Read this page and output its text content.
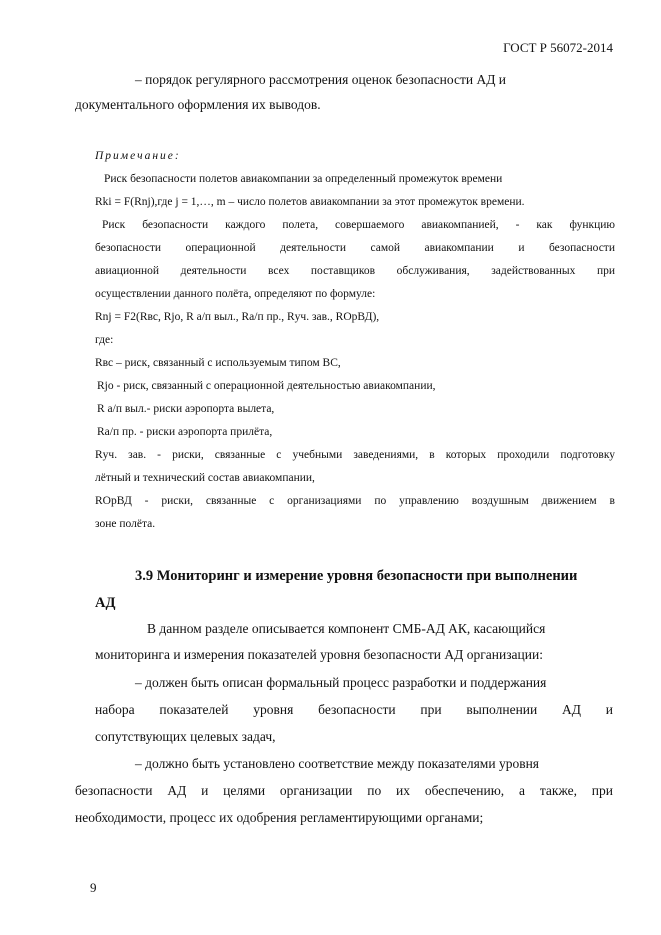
ГОСТ Р 56072-2014
– порядок регулярного рассмотрения оценок безопасности АД и
документального оформления их выводов.
Примечание:
Риск безопасности полетов авиакомпании за определенный промежуток времени
Rki = F(Rnj),где j = 1,…, m – число полетов авиакомпании за этот промежуток времени.
Риск безопасности каждого полета, совершаемого авиакомпанией, - как функцию
безопасности операционной деятельности самой авиакомпании и безопасности
авиационной деятельности всех поставщиков обслуживания, задействованных при
осуществлении данного полёта, определяют по формуле:
Rnj = F2(Rвс, Rjo, R а/п выл., Rа/п пр., Rуч. зав., RОрВД),
где:
Rвс – риск, связанный с используемым типом ВС,
Rjo - риск, связанный с операционной деятельностью авиакомпании,
R а/п выл.- риски аэропорта вылета,
Rа/п пр. - риски аэропорта прилёта,
Rуч. зав. - риски, связанные с учебными заведениями, в которых проходили подготовку
лётный и технический состав авиакомпании,
RОрВД - риски, связанные с организациями по управлению воздушным движением в
зоне полёта.
3.9 Мониторинг и измерение уровня безопасности при выполнении
АД
В данном разделе описывается компонент СМБ-АД АК, касающийся
мониторинга и измерения показателей уровня безопасности АД организации:
– должен быть описан формальный процесс разработки и поддержания
набора показателей уровня безопасности при выполнении АД и
сопутствующих целевых задач,
– должно быть установлено соответствие между показателями уровня
безопасности АД и целями организации по их обеспечению, а также, при
необходимости, процесс их одобрения регламентирующими органами;
9
